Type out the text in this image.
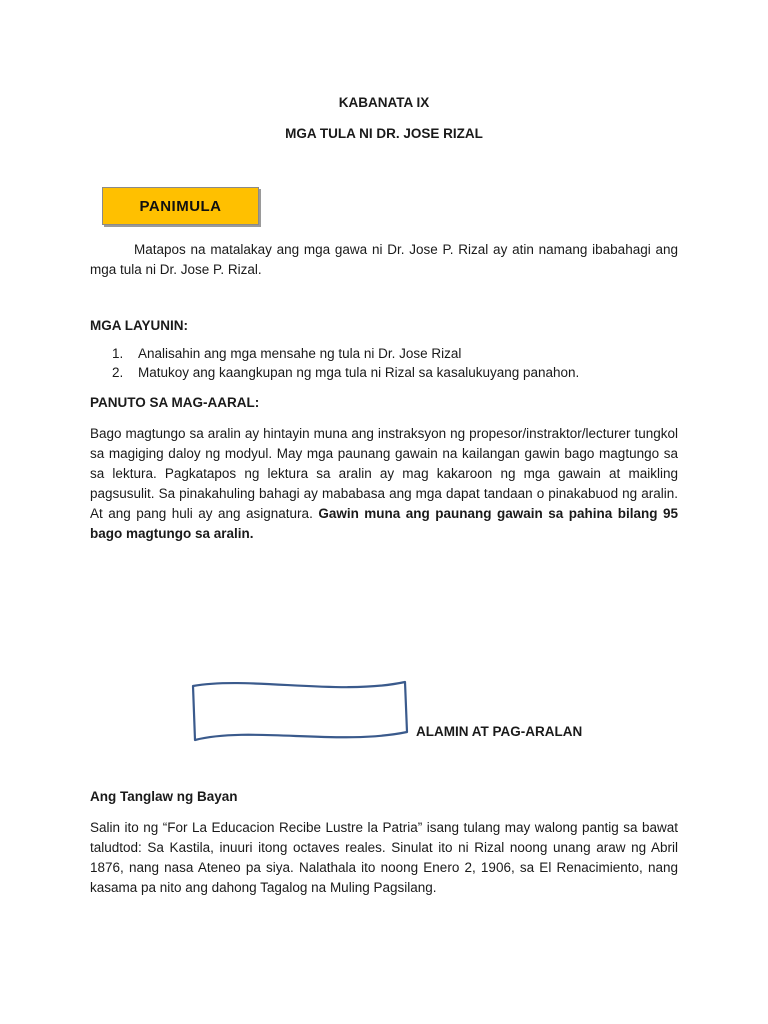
KABANATA IX
MGA TULA NI DR. JOSE RIZAL
PANIMULA
Matapos na matalakay ang mga gawa ni Dr. Jose P. Rizal ay atin namang ibabahagi ang mga tula ni Dr. Jose P. Rizal.
MGA LAYUNIN:
1. Analisahin ang mga mensahe ng tula ni Dr. Jose Rizal
2. Matukoy ang kaangkupan ng mga tula ni Rizal sa kasalukuyang panahon.
PANUTO SA MAG-AARAL:
Bago magtungo sa aralin ay hintayin muna ang instraksyon ng propesor/instraktor/lecturer tungkol sa magiging daloy ng modyul. May mga paunang gawain na kailangan gawin bago magtungo sa sa lektura. Pagkatapos ng lektura sa aralin ay mag kakaroon ng mga gawain at maikling pagsusulit. Sa pinakahuling bahagi ay mababasa ang mga dapat tandaan o pinakabuod ng aralin. At ang pang huli ay ang asignatura. Gawin muna ang paunang gawain sa pahina bilang 95 bago magtungo sa aralin.
ALAMIN AT PAG-ARALAN
Ang Tanglaw ng Bayan
Salin ito ng “For La Educacion Recibe Lustre la Patria” isang tulang may walong pantig sa bawat taludtod: Sa Kastila, inuuri itong octaves reales. Sinulat ito ni Rizal noong unang araw ng Abril 1876, nang nasa Ateneo pa siya. Nalathala ito noong Enero 2, 1906, sa El Renacimiento, nang kasama pa nito ang dahong Tagalog na Muling Pagsilang.
